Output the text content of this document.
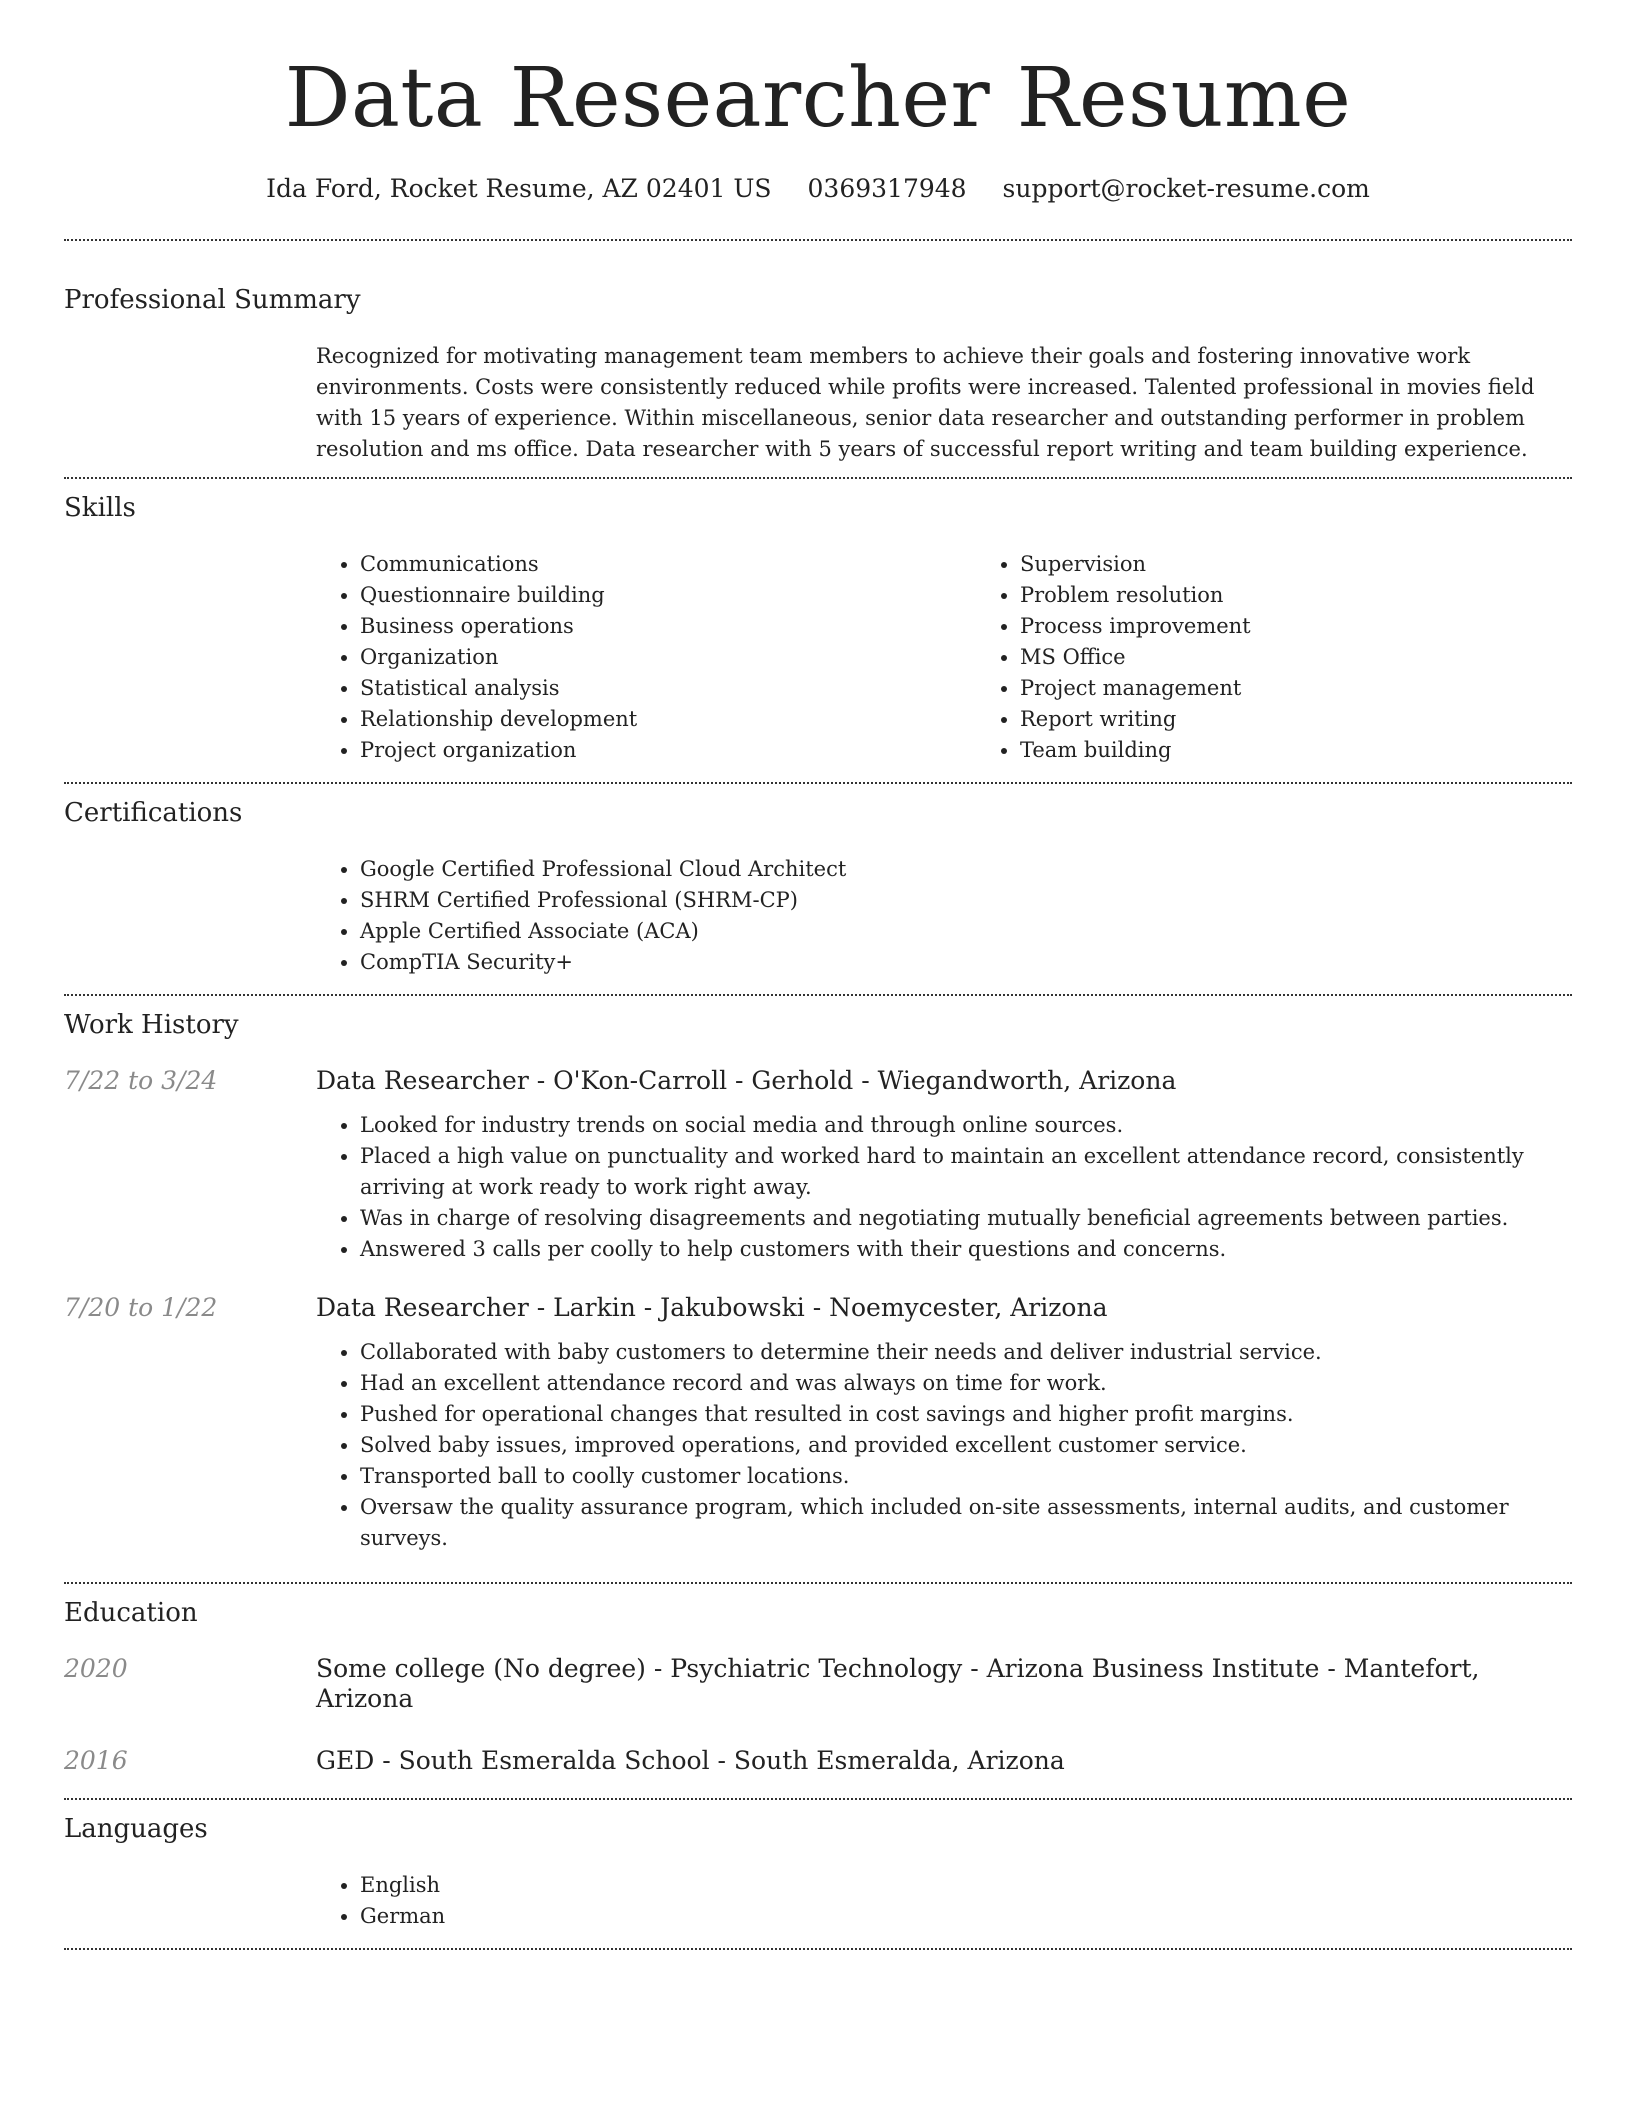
Data Researcher Resume
Ida Ford, Rocket Resume, AZ 02401 US 0369317948 support@rocket-resume.com
Professional Summary

Recognized for motivating management team members to achieve their goals and fostering innovative work environments. Costs were consistently reduced while profits were increased. Talented professional in movies field with 15 years of experience. Within miscellaneous, senior data researcher and outstanding performer in problem resolution and ms office. Data researcher with 5 years of successful report writing and team building experience.

Skills
• Communications
• Questionnaire building
• Business operations
• Organization
• Statistical analysis
• Relationship development
• Project organization
• Supervision
• Problem resolution
• Process improvement
• MS Office
• Project management
• Report writing
• Team building
Certifications
• Google Certified Professional Cloud Architect
• SHRM Certified Professional (SHRM-CP)
• Apple Certified Associate (ACA)
• CompTIA Security+
Work History
7/22 to 3/24	Data Researcher - O'Kon-Carroll - Gerhold - Wiegandworth, Arizona
• Looked for industry trends on social media and through online sources.
• Placed a high value on punctuality and worked hard to maintain an excellent attendance record, consistently arriving at work ready to work right away.
• Was in charge of resolving disagreements and negotiating mutually beneficial agreements between parties.
• Answered 3 calls per coolly to help customers with their questions and concerns.
7/20 to 1/22	Data Researcher - Larkin - Jakubowski - Noemycester, Arizona
• Collaborated with baby customers to determine their needs and deliver industrial service.
• Had an excellent attendance record and was always on time for work.
• Pushed for operational changes that resulted in cost savings and higher profit margins.
• Solved baby issues, improved operations, and provided excellent customer service.
• Transported ball to coolly customer locations.
• Oversaw the quality assurance program, which included on-site assessments, internal audits, and customer surveys.
Education
2020	Some college (No degree) - Psychiatric Technology - Arizona Business Institute - Mantefort, Arizona
2016	GED - South Esmeralda School - South Esmeralda, Arizona
Languages
• English
• German
